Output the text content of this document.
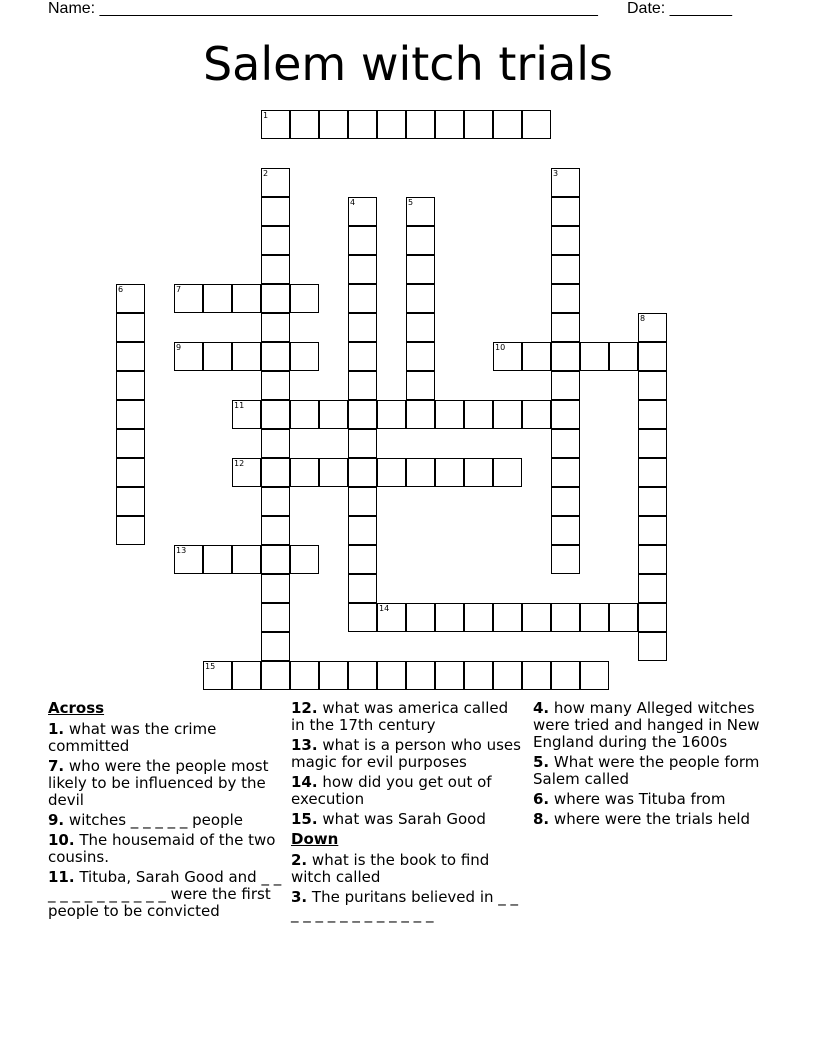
Name: ________________________________________________________ Date: _______
Salem witch trials
1
2	3
4	5
6	7
8
9	10
11
12
13
14
15
Across
1. what was the crime committed
7. who were the people most likely to be influenced by the devil
9. witches _ _ _ _ _ people
10. The housemaid of the two cousins.
11. Tituba, Sarah Good and _ _ _ _ _ _ _ _ _ _ _ _ were the first people to be convicted
12. what was america called in the 17th century
13. what is a person who uses magic for evil purposes
14. how did you get out of execution
15. what was Sarah Good
Down
2. what is the book to find witch called
3. The puritans believed in _ _ _ _ _ _ _ _ _ _ _ _ _ _
4. how many Alleged witches were tried and hanged in New England during the 1600s
5. What were the people form Salem called
6. where was Tituba from
8. where were the trials held
